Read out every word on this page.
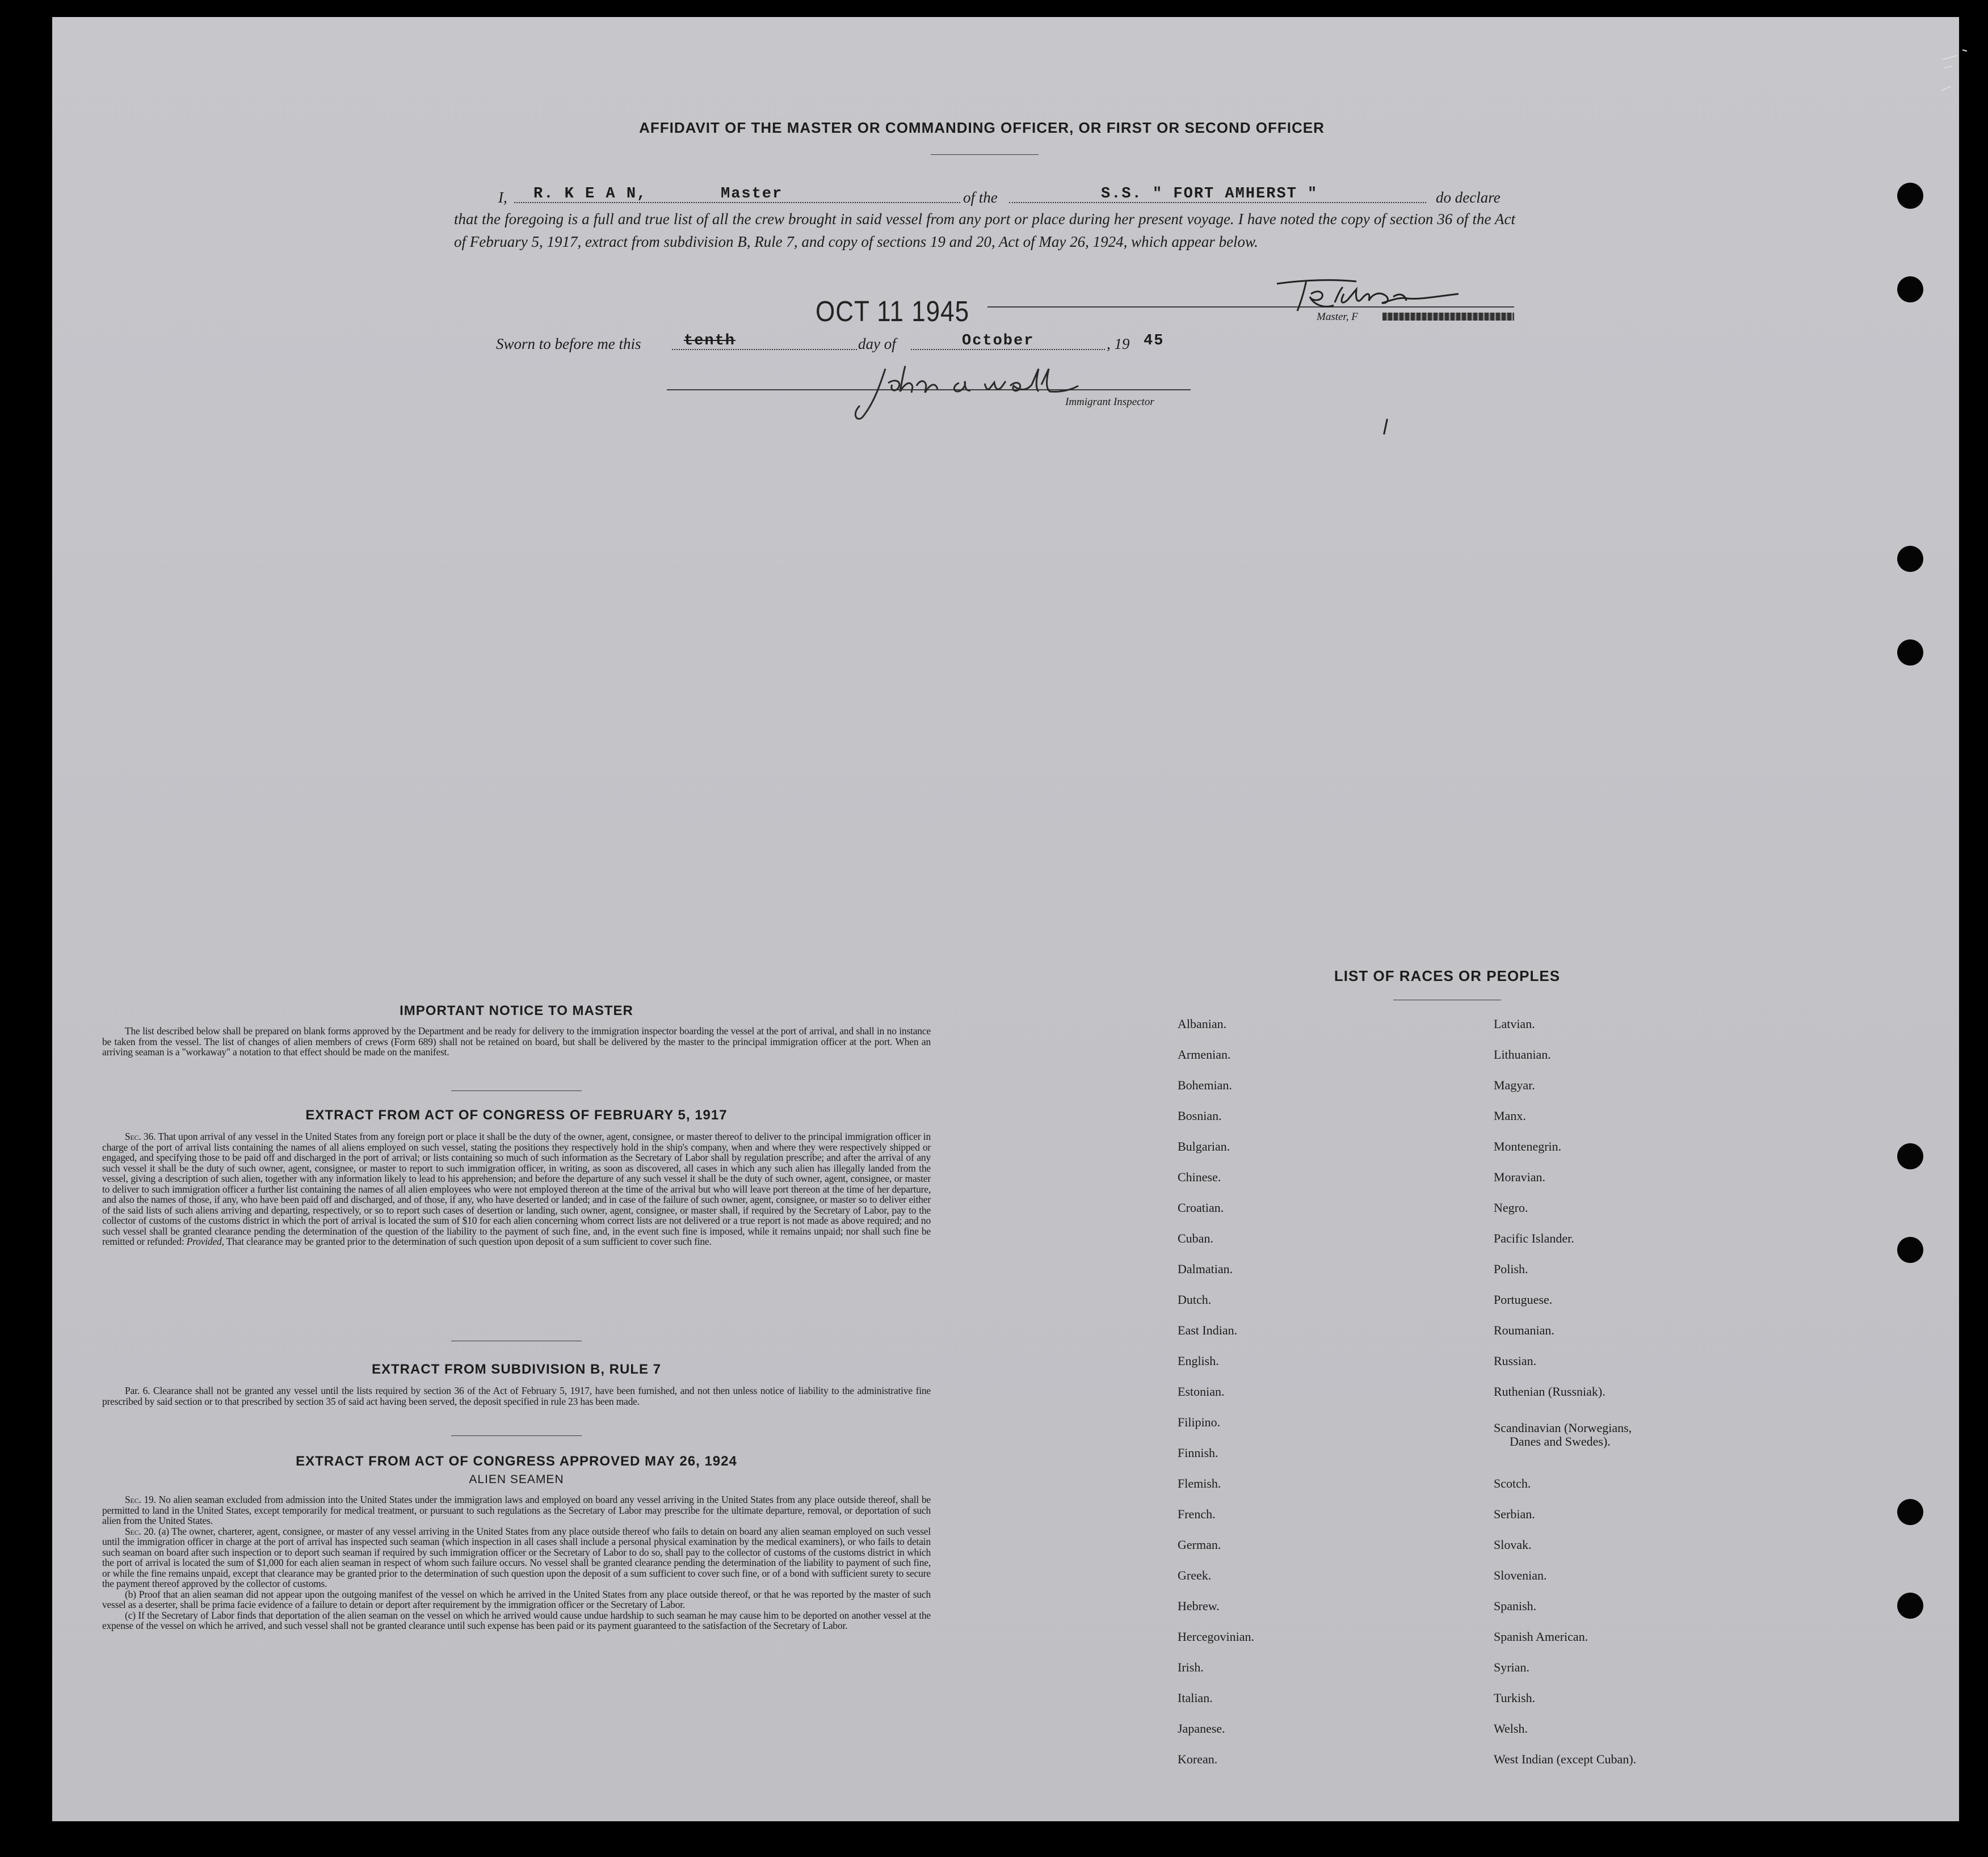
AFFIDAVIT OF THE MASTER OR COMMANDING OFFICER, OR FIRST OR SECOND OFFICER
I, R. K E A N,	Master	of the	S.S. " FORT AMHERST "	do declare
that the foregoing is a full and true list of all the crew brought in said vessel from any port or place during her present voyage. I have noted the copy of section 36 of the Act of February 5, 1917, extract from subdivision B, Rule 7, and copy of sections 19 and 20, Act of May 26, 1924, which appear below.
OCT 11 1945	Master, F
Sworn to before me this	tenth	day of	October	, 19 45
Immigrant Inspector
IMPORTANT NOTICE TO MASTER
The list described below shall be prepared on blank forms approved by the Department and be ready for delivery to the immigration inspector boarding the vessel at the port of arrival, and shall in no instance be taken from the vessel. The list of changes of alien members of crews (Form 689) shall not be retained on board, but shall be delivered by the master to the principal immigration officer at the port. When an arriving seaman is a "workaway" a notation to that effect should be made on the manifest.
EXTRACT FROM ACT OF CONGRESS OF FEBRUARY 5, 1917
Sec. 36. That upon arrival of any vessel in the United States from any foreign port or place it shall be the duty of the owner, agent, consignee, or master thereof to deliver to the principal immigration officer in charge of the port of arrival lists containing the names of all aliens employed on such vessel, stating the positions they respectively hold in the ship's company, when and where they were respectively shipped or engaged, and specifying those to be paid off and discharged in the port of arrival; or lists containing so much of such information as the Secretary of Labor shall by regulation prescribe; and after the arrival of any such vessel it shall be the duty of such owner, agent, consignee, or master to report to such immigration officer, in writing, as soon as discovered, all cases in which any such alien has illegally landed from the vessel, giving a description of such alien, together with any information likely to lead to his apprehension; and before the departure of any such vessel it shall be the duty of such owner, agent, consignee, or master to deliver to such immigration officer a further list containing the names of all alien employees who were not employed thereon at the time of the arrival but who will leave port thereon at the time of her departure, and also the names of those, if any, who have been paid off and discharged, and of those, if any, who have deserted or landed; and in case of the failure of such owner, agent, consignee, or master so to deliver either of the said lists of such aliens arriving and departing, respectively, or so to report such cases of desertion or landing, such owner, agent, consignee, or master shall, if required by the Secretary of Labor, pay to the collector of customs of the customs district in which the port of arrival is located the sum of $10 for each alien concerning whom correct lists are not delivered or a true report is not made as above required; and no such vessel shall be granted clearance pending the determination of the question of the liability to the payment of such fine, and, in the event such fine is imposed, while it remains unpaid; nor shall such fine be remitted or refunded: Provided, That clearance may be granted prior to the determination of such question upon deposit of a sum sufficient to cover such fine.
EXTRACT FROM SUBDIVISION B, RULE 7
Par. 6. Clearance shall not be granted any vessel until the lists required by section 36 of the Act of February 5, 1917, have been furnished, and not then unless notice of liability to the administrative fine prescribed by said section or to that prescribed by section 35 of said act having been served, the deposit specified in rule 23 has been made.
EXTRACT FROM ACT OF CONGRESS APPROVED MAY 26, 1924
ALIEN SEAMEN
Sec. 19. No alien seaman excluded from admission into the United States under the immigration laws and employed on board any vessel arriving in the United States from any place outside thereof, shall be permitted to land in the United States, except temporarily for medical treatment, or pursuant to such regulations as the Secretary of Labor may prescribe for the ultimate departure, removal, or deportation of such alien from the United States.
Sec. 20. (a) The owner, charterer, agent, consignee, or master of any vessel arriving in the United States from any place outside thereof who fails to detain on board any alien seaman employed on such vessel until the immigration officer in charge at the port of arrival has inspected such seaman (which inspection in all cases shall include a personal physical examination by the medical examiners), or who fails to detain such seaman on board after such inspection or to deport such seaman if required by such immigration officer or the Secretary of Labor to do so, shall pay to the collector of customs of the customs district in which the port of arrival is located the sum of $1,000 for each alien seaman in respect of whom such failure occurs. No vessel shall be granted clearance pending the determination of the liability to payment of such fine, or while the fine remains unpaid, except that clearance may be granted prior to the determination of such question upon the deposit of a sum sufficient to cover such fine, or of a bond with sufficient surety to secure the payment thereof approved by the collector of customs.
(b) Proof that an alien seaman did not appear upon the outgoing manifest of the vessel on which he arrived in the United States from any place outside thereof, or that he was reported by the master of such vessel as a deserter, shall be prima facie evidence of a failure to detain or deport after requirement by the immigration officer or the Secretary of Labor.
(c) If the Secretary of Labor finds that deportation of the alien seaman on the vessel on which he arrived would cause undue hardship to such seaman he may cause him to be deported on another vessel at the expense of the vessel on which he arrived, and such vessel shall not be granted clearance until such expense has been paid or its payment guaranteed to the satisfaction of the Secretary of Labor.
LIST OF RACES OR PEOPLES
Albanian.
Armenian.
Bohemian.
Bosnian.
Bulgarian.
Chinese.
Croatian.
Cuban.
Dalmatian.
Dutch.
East Indian.
English.
Estonian.
Filipino.
Finnish.
Flemish.
French.
German.
Greek.
Hebrew.
Hercegovinian.
Irish.
Italian.
Japanese.
Korean.
Latvian.
Lithuanian.
Magyar.
Manx.
Montenegrin.
Moravian.
Negro.
Pacific Islander.
Polish.
Portuguese.
Roumanian.
Russian.
Ruthenian (Russniak).
Scandinavian (Norwegians,
Danes and Swedes).
Scotch.
Serbian.
Slovak.
Slovenian.
Spanish.
Spanish American.
Syrian.
Turkish.
Welsh.
West Indian (except Cuban).
